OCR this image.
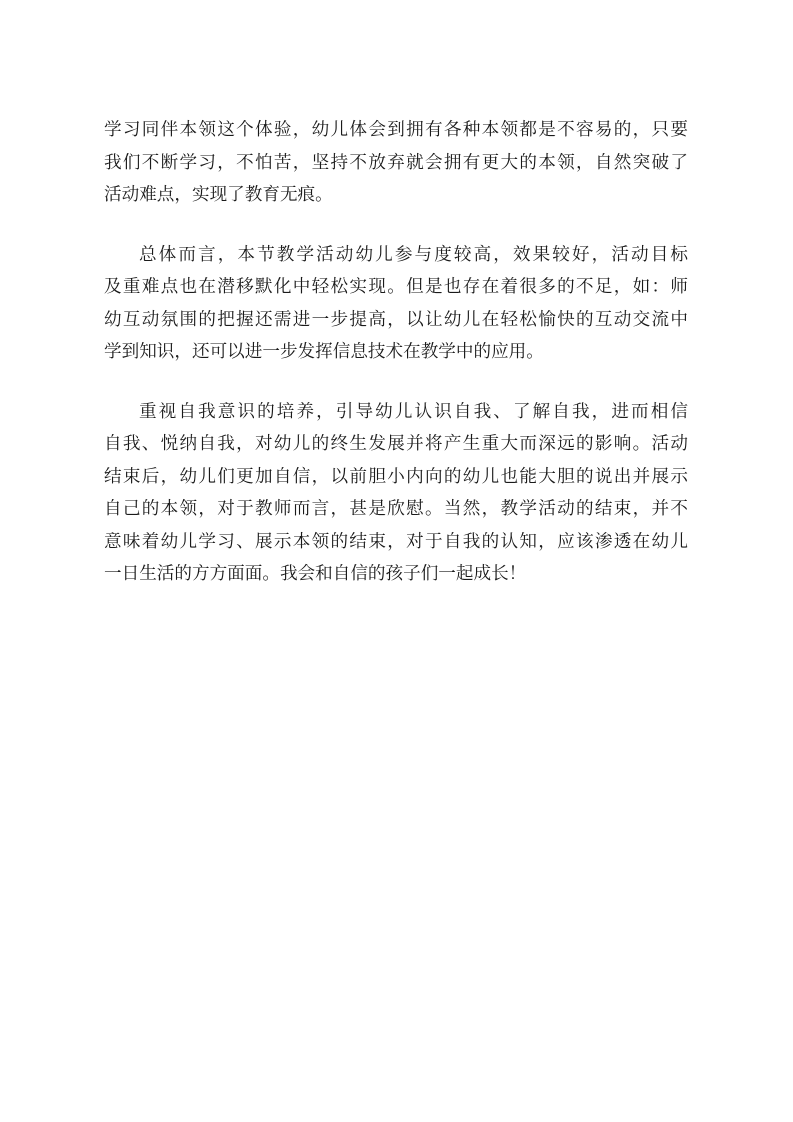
学习同伴本领这个体验，幼儿体会到拥有各种本领都是不容易的，只要
我们不断学习，不怕苦，坚持不放弃就会拥有更大的本领，自然突破了
活动难点，实现了教育无痕。

总体而言，本节教学活动幼儿参与度较高，效果较好，活动目标
及重难点也在潜移默化中轻松实现。但是也存在着很多的不足，如：师
幼互动氛围的把握还需进一步提高，以让幼儿在轻松愉快的互动交流中
学到知识，还可以进一步发挥信息技术在教学中的应用。

重视自我意识的培养，引导幼儿认识自我、了解自我，进而相信
自我、悦纳自我，对幼儿的终生发展并将产生重大而深远的影响。活动
结束后，幼儿们更加自信，以前胆小内向的幼儿也能大胆的说出并展示
自己的本领，对于教师而言，甚是欣慰。当然，教学活动的结束，并不
意味着幼儿学习、展示本领的结束，对于自我的认知，应该渗透在幼儿
一日生活的方方面面。我会和自信的孩子们一起成长！
